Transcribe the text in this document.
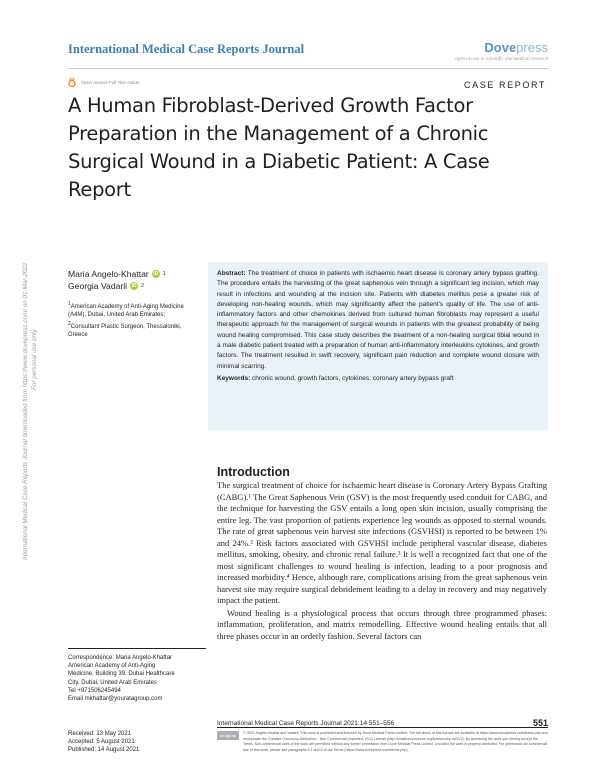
International Medical Case Reports Journal	Dovepress
open access to scientific and medical research
Open Access Full Text Article	CASE REPORT
A Human Fibroblast-Derived Growth Factor Preparation in the Management of a Chronic Surgical Wound in a Diabetic Patient: A Case Report
International Medical Case Reports Journal downloaded from https://www.dovepress.com/ on 01-Mar-2022 For personal use only.
Maria Angelo-Khattar iD 1
Georgia Vadarli iD 2
$^1$American Academy of Anti-Aging Medicine (A4M), Dubai, United Arab Emirates; $^2$Consultant Plastic Surgeon, Thessaloniki, Greece

Abstract: The treatment of choice in patients with ischaemic heart disease is coronary artery bypass grafting. The procedure entails the harvesting of the great saphenous vein through a significant leg incision, which may result in infections and wounding at the incision site. Patients with diabetes mellitus pose a greater risk of developing non-healing wounds, which may significantly affect the patient's quality of life. The use of anti-inflammatory factors and other chemokines derived from cultured human fibroblasts may represent a useful therapeutic approach for the management of surgical wounds in patients with the greatest probability of being wound healing compromised. This case study describes the treatment of a non-healing surgical tibial wound in a male diabetic patient treated with a preparation of human anti-inflammatory interleukins cytokines, and growth factors. The treatment resulted in swift recovery, significant pain reduction and complete wound closure with minimal scarring.

Keywords: chronic wound, growth factors, cytokines, coronary artery bypass graft

Introduction

The surgical treatment of choice for ischaemic heart disease is Coronary Artery Bypass Grafting (CABG).¹ The Great Saphenous Vein (GSV) is the most frequently used conduit for CABG, and the technique for harvesting the GSV entails a long open skin incision, usually comprising the entire leg. The vast proportion of patients experience leg wounds as opposed to sternal wounds. The rate of great saphenous vein harvest site infections (GSVHSI) is reported to be between 1% and 24%.² Risk factors associated with GSVHSI include peripheral vascular disease, diabetes mellitus, smoking, obesity, and chronic renal failure.³ It is well a recognized fact that one of the most significant challenges to wound healing is infection, leading to a poor prognosis and increased morbidity.⁴ Hence, although rare, complications arising from the great saphenous vein harvest site may require surgical debridement leading to a delay in recovery and may negatively impact the patient.

Wound healing is a physiological process that occurs through three programmed phases: inflammation, proliferation, and matrix remodelling. Effective wound healing entails that all three phases occur in an orderly fashion. Several factors can

Correspondence: Maria Angelo-Khattar
American Academy of Anti-Aging
Medicine, Building 39, Dubai Healthcare
City, Dubai, United Arab Emirates
Tel +971506245494
Email mkhattar@youratagroup.com
Received: 13 May 2021
Accepted: 5 August 2021
Published: 14 August 2021
International Medical Case Reports Journal 2021:14 551–556	551
cc by nc	© 2021 Angelo-Khattar and Vadarli. This work is published and licensed by Dove Medical Press Limited. The full terms of this license are available at https://www.dovepress.com/terms.php and incorporate the Creative Commons Attribution – Non Commercial (unported, v3.0) License (http://creativecommons.org/licenses/by-nc/3.0/). By accessing the work you hereby accept the Terms. Non-commercial uses of the work are permitted without any further permission from Dove Medical Press Limited, provided the work is properly attributed. For permission for commercial use of this work, please see paragraphs 4.2 and 5 of our Terms (https://www.dovepress.com/terms.php).
